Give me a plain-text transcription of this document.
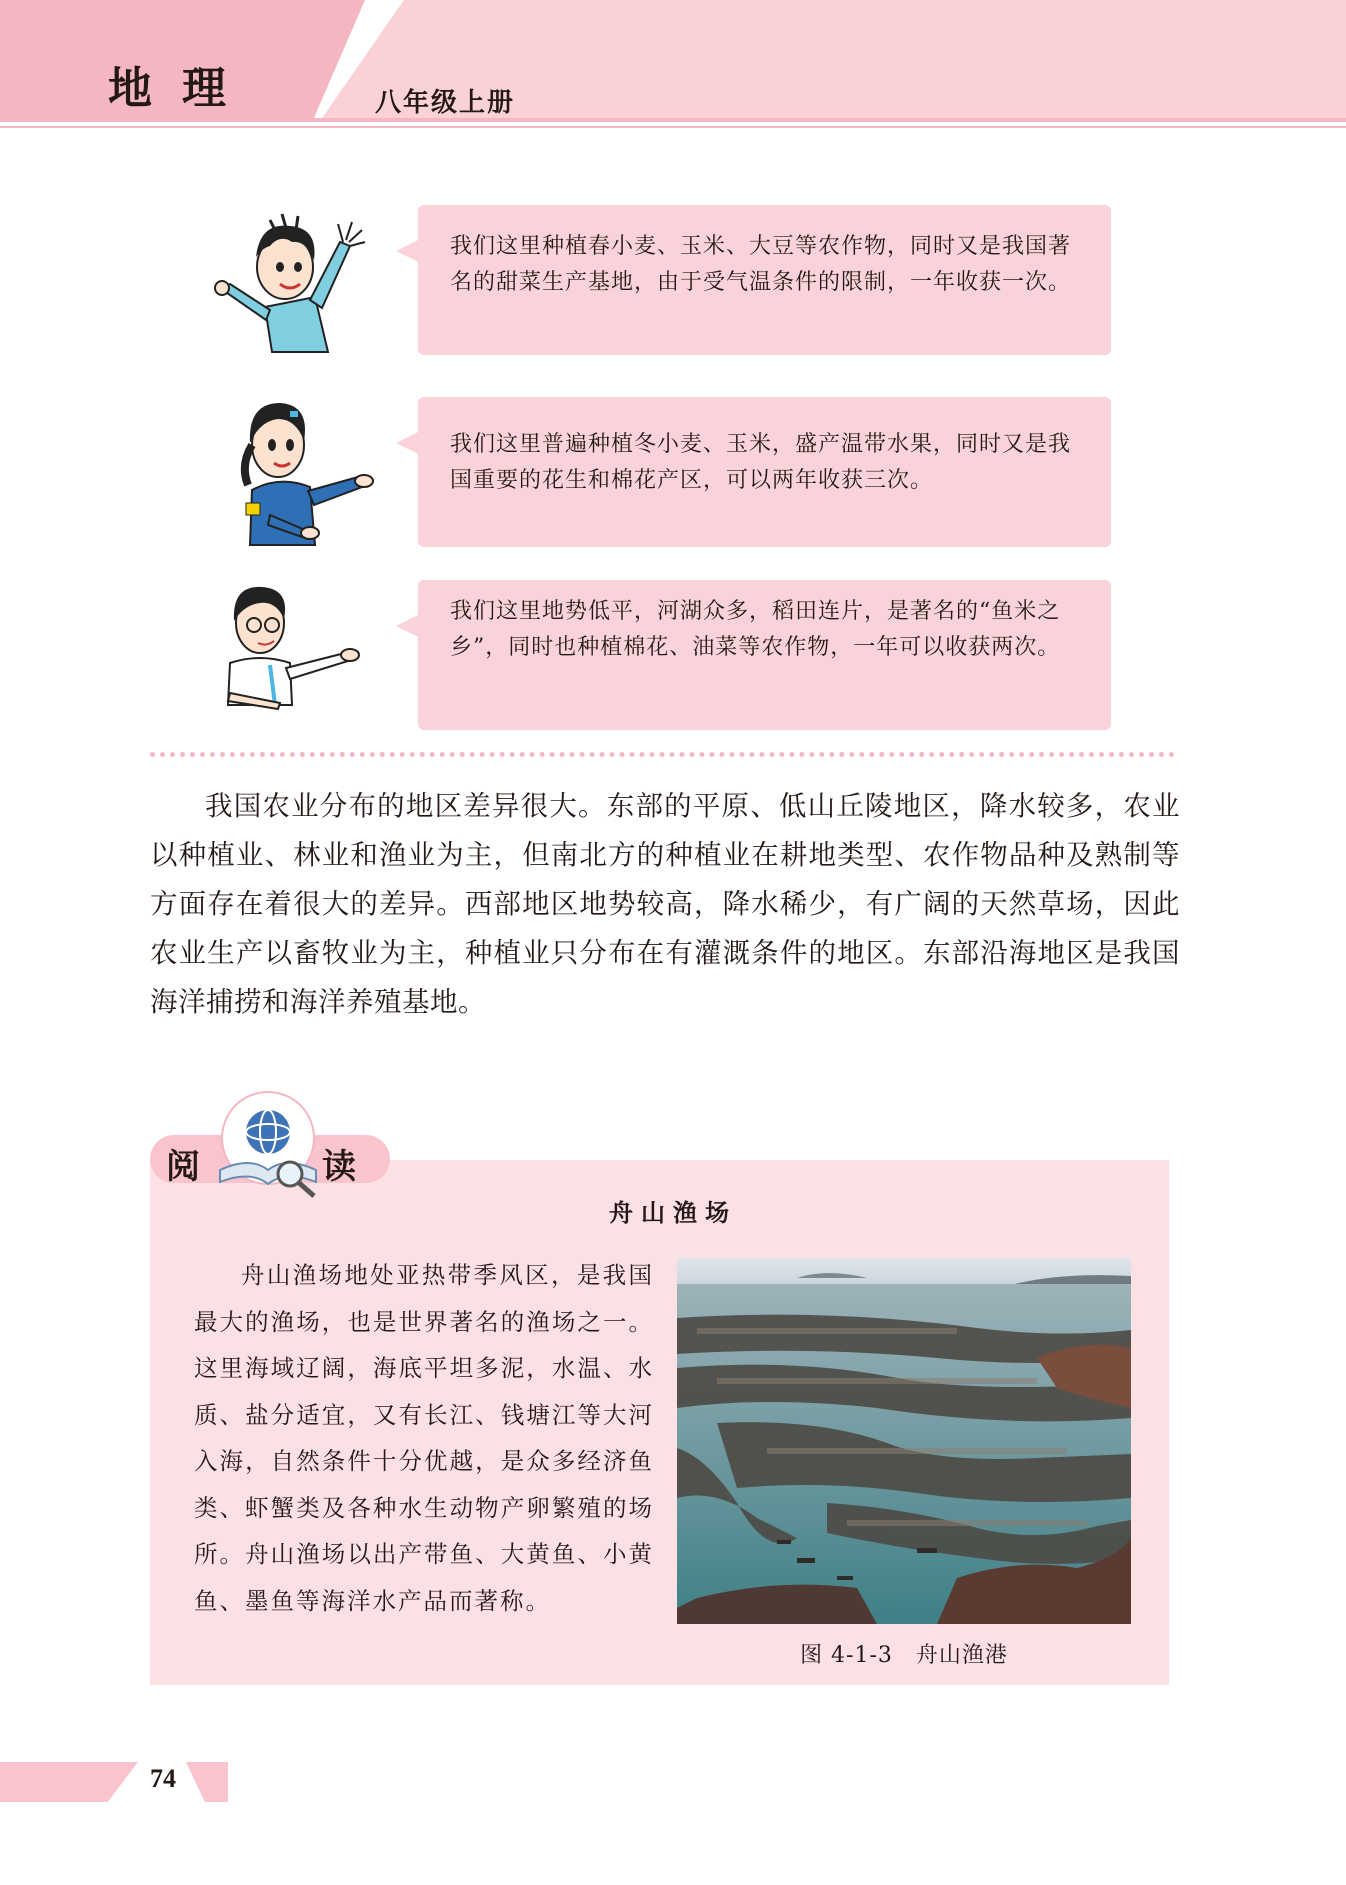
地理	八年级上册
我们这里种植春小麦、玉米、大豆等农作物，同时又是我国著名的甜菜生产基地，由于受气温条件的限制，一年收获一次。
我们这里普遍种植冬小麦、玉米，盛产温带水果，同时又是我国重要的花生和棉花产区，可以两年收获三次。
我们这里地势低平，河湖众多，稻田连片，是著名的“鱼米之乡”，同时也种植棉花、油菜等农作物，一年可以收获两次。
我国农业分布的地区差异很大。东部的平原、低山丘陵地区，降水较多，农业以种植业、林业和渔业为主，但南北方的种植业在耕地类型、农作物品种及熟制等方面存在着很大的差异。西部地区地势较高，降水稀少，有广阔的天然草场，因此农业生产以畜牧业为主，种植业只分布在有灌溉条件的地区。东部沿海地区是我国海洋捕捞和海洋养殖基地。
阅	读
舟山渔场
舟山渔场地处亚热带季风区，是我国最大的渔场，也是世界著名的渔场之一。这里海域辽阔，海底平坦多泥，水温、水质、盐分适宜，又有长江、钱塘江等大河入海，自然条件十分优越，是众多经济鱼类、虾蟹类及各种水生动物产卵繁殖的场所。舟山渔场以出产带鱼、大黄鱼、小黄鱼、墨鱼等海洋水产品而著称。
图 4-1-3　舟山渔港
74
